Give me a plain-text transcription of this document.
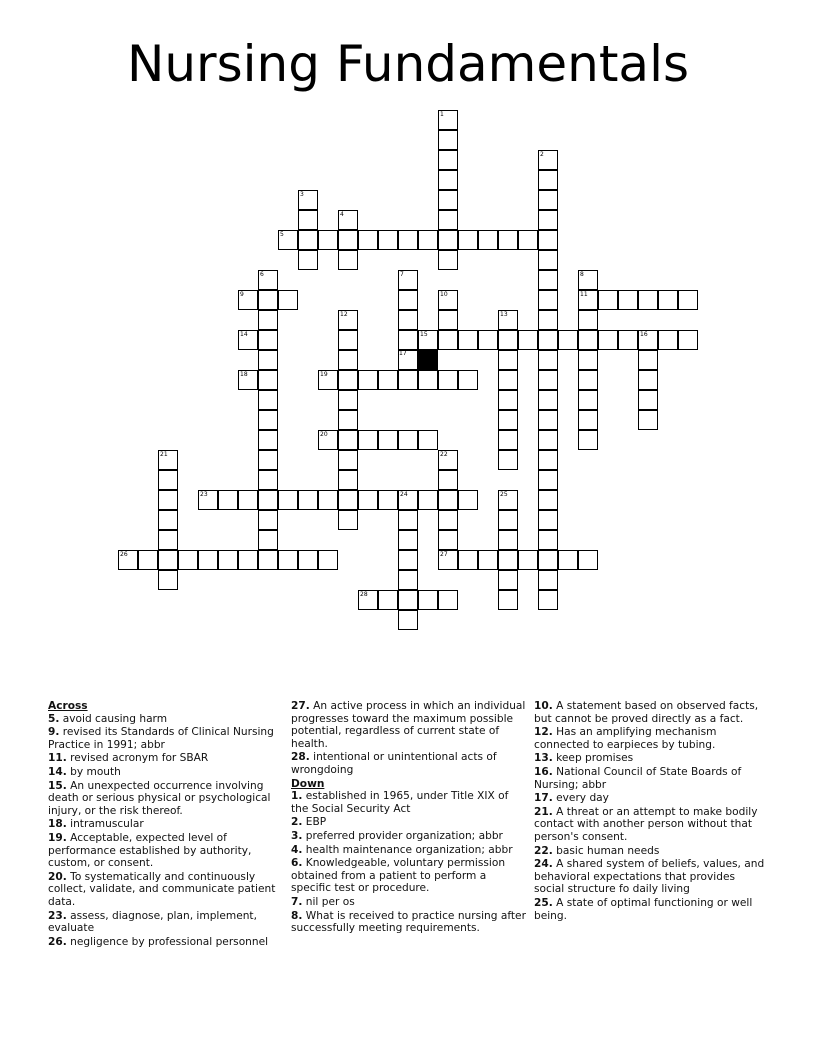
Nursing Fundamentals
1
2
3
4
6	7	8
11
10
12	13
16
21	22
27
24	25
5
9
14	15
18	19
20
23
26
28
17
Across
5. avoid causing harm
9. revised its Standards of Clinical Nursing Practice in 1991; abbr
11. revised acronym for SBAR
14. by mouth
15. An unexpected occurrence involving death or serious physical or psychological injury, or the risk thereof.
18. intramuscular
19. Acceptable, expected level of performance established by authority, custom, or consent.
20. To systematically and continuously collect, validate, and communicate patient data.
23. assess, diagnose, plan, implement, evaluate
26. negligence by professional personnel
27. An active process in which an individual progresses toward the maximum possible potential, regardless of current state of health.
28. intentional or unintentional acts of wrongdoing
Down
1. established in 1965, under Title XIX of the Social Security Act
2. EBP
3. preferred provider organization; abbr
4. health maintenance organization; abbr
6. Knowledgeable, voluntary permission obtained from a patient to perform a specific test or procedure.
7. nil per os
8. What is received to practice nursing after successfully meeting requirements.
10. A statement based on observed facts, but cannot be proved directly as a fact.
12. Has an amplifying mechanism connected to earpieces by tubing.
13. keep promises
16. National Council of State Boards of Nursing; abbr
17. every day
21. A threat or an attempt to make bodily contact with another person without that person's consent.
22. basic human needs
24. A shared system of beliefs, values, and behavioral expectations that provides social structure fo daily living
25. A state of optimal functioning or well being.
